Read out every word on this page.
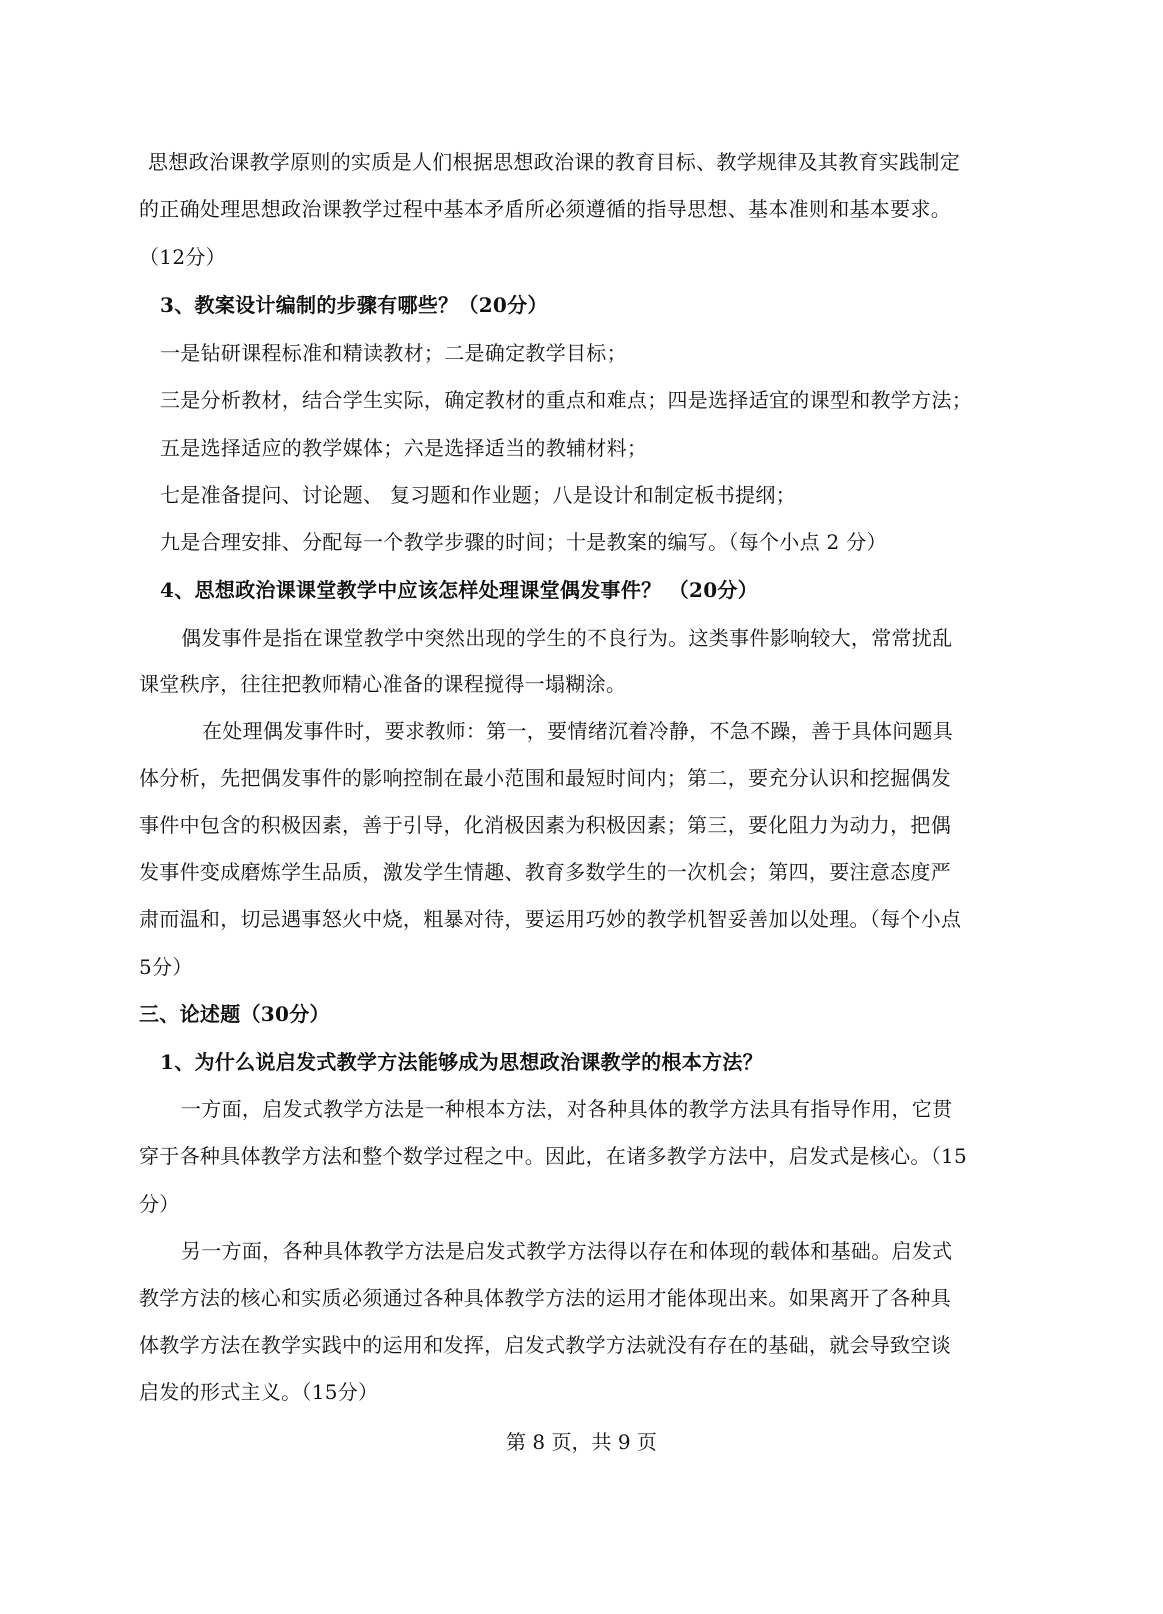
思想政治课教学原则的实质是人们根据思想政治课的教育目标、教学规律及其教育实践制定
的正确处理思想政治课教学过程中基本矛盾所必须遵循的指导思想、基本准则和基本要求。
（12分）
3、教案设计编制的步骤有哪些？（20分）
一是钻研课程标准和精读教材；二是确定教学目标；
三是分析教材，结合学生实际，确定教材的重点和难点；四是选择适宜的课型和教学方法；
五是选择适应的教学媒体；六是选择适当的教辅材料；
七是准备提问、讨论题、 复习题和作业题；八是设计和制定板书提纲；
九是合理安排、分配每一个教学步骤的时间；十是教案的编写。（每个小点 2 分）
4、思想政治课课堂教学中应该怎样处理课堂偶发事件？ （20分）
偶发事件是指在课堂教学中突然出现的学生的不良行为。这类事件影响较大，常常扰乱
课堂秩序，往往把教师精心准备的课程搅得一塌糊涂。
在处理偶发事件时，要求教师：第一，要情绪沉着冷静，不急不躁，善于具体问题具
体分析，先把偶发事件的影响控制在最小范围和最短时间内；第二，要充分认识和挖掘偶发
事件中包含的积极因素，善于引导，化消极因素为积极因素；第三，要化阻力为动力，把偶
发事件变成磨炼学生品质，激发学生情趣、教育多数学生的一次机会；第四，要注意态度严
肃而温和，切忌遇事怒火中烧，粗暴对待，要运用巧妙的教学机智妥善加以处理。（每个小点
5分）
三、论述题（30分）
1、为什么说启发式教学方法能够成为思想政治课教学的根本方法？
一方面，启发式教学方法是一种根本方法，对各种具体的教学方法具有指导作用，它贯
穿于各种具体教学方法和整个数学过程之中。因此，在诸多教学方法中，启发式是核心。（15
分）
另一方面，各种具体教学方法是启发式教学方法得以存在和体现的载体和基础。启发式
教学方法的核心和实质必须通过各种具体教学方法的运用才能体现出来。如果离开了各种具
体教学方法在教学实践中的运用和发挥，启发式教学方法就没有存在的基础，就会导致空谈
启发的形式主义。（15分）
第 8 页，共 9 页
